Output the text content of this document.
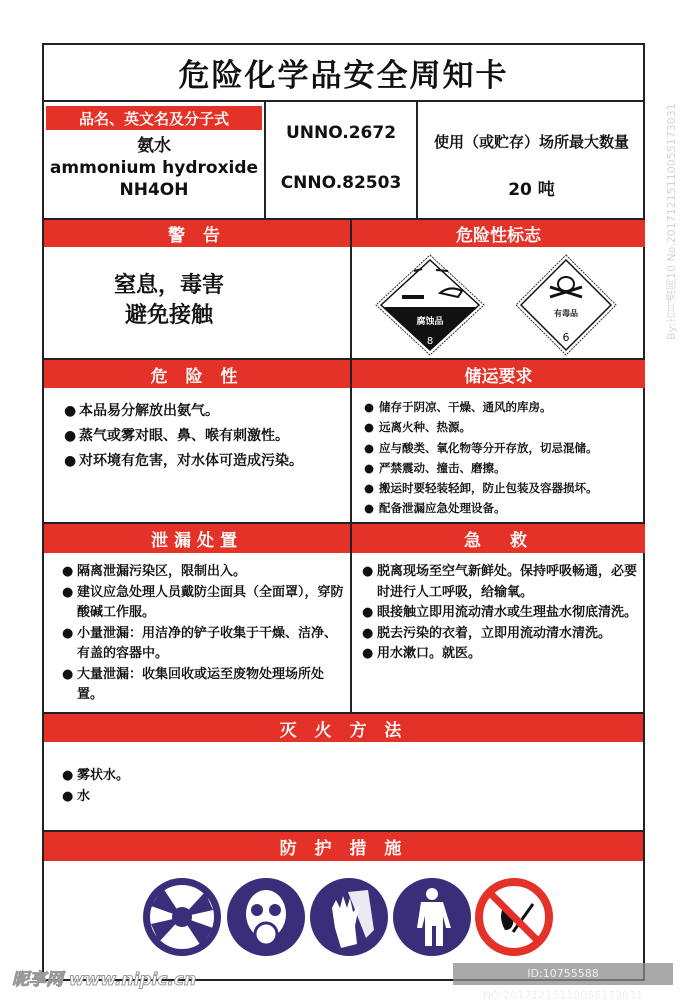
危险化学品安全周知卡
品名、英文名及分子式
氨水
ammonium hydroxide
NH4OH
UNNO.2672
CNNO.82503
使用（或贮存）场所最大数量
20 吨
警 告	危险性标志
窒息，毒害
避免接触	腐蚀品
8
有毒品
6
危 险 性	储运要求
● 本品易分解放出氨气。
● 蒸气或雾对眼、鼻、喉有刺激性。
● 对环境有危害，对水体可造成污染。
● 储存于阴凉、干燥、通风的库房。
● 远离火种、热源。
● 应与酸类、氧化物等分开存放，切忌混储。
● 严禁震动、撞击、磨擦。
● 搬运时要轻装轻卸，防止包装及容器损坏。
● 配备泄漏应急处理设备。
泄漏处置	急　救
● 隔离泄漏污染区，限制出入。
● 建议应急处理人员戴防尘面具（全面罩），穿防酸碱工作服。
● 小量泄漏：用洁净的铲子收集于干燥、洁净、有盖的容器中。
● 大量泄漏：收集回收或运至废物处理场所处置。
● 脱离现场至空气新鲜处。保持呼吸畅通，必要时进行人工呼吸，给输氧。
● 眼接触立即用流动清水或生理盐水彻底清洗。
● 脱去污染的衣着，立即用流动清水清洗。
● 用水漱口。就医。
灭 火 方 法
● 雾状水。
● 水
防 护 措 施
昵享网 www.nipic.cn	ID:10755588 NO:20171215110055173031
By:古月漕阁10 No.20171215110055173031
